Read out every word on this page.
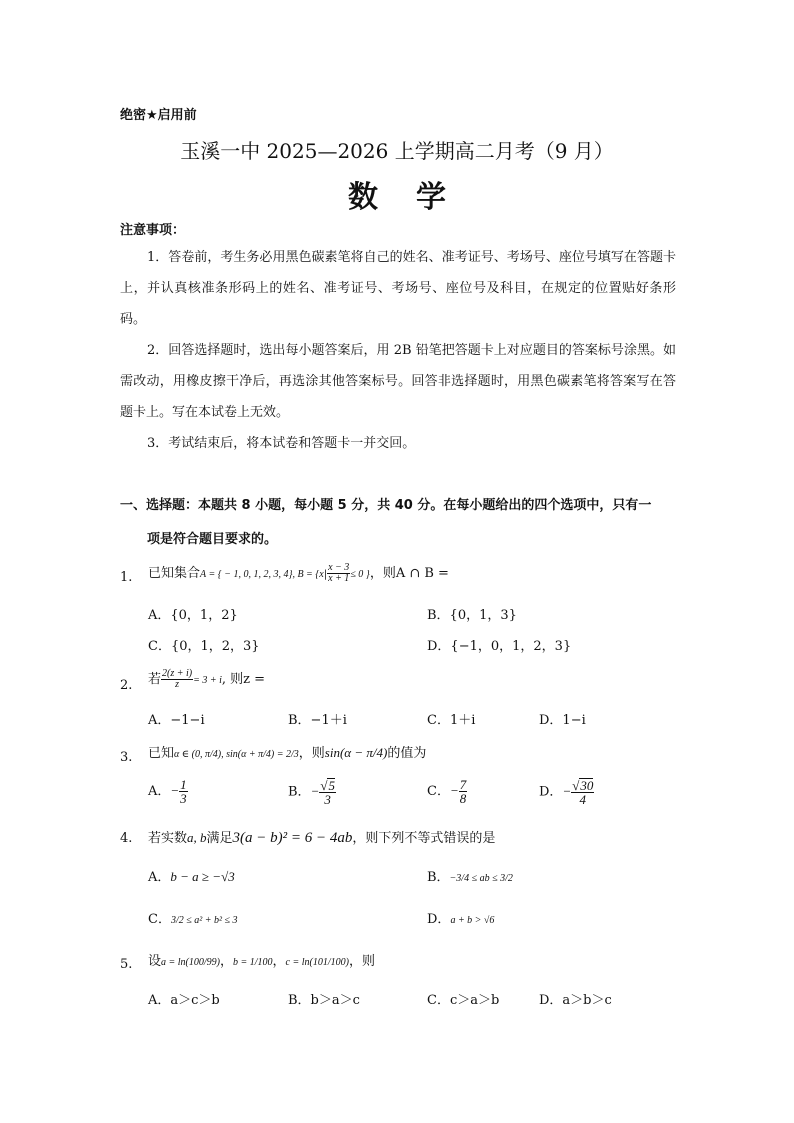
绝密★启用前
玉溪一中 2025—2026 上学期高二月考（9 月）
数学
注意事项：
1．答卷前，考生务必用黑色碳素笔将自己的姓名、准考证号、考场号、座位号填写在答题卡上，并认真核准条形码上的姓名、准考证号、考场号、座位号及科目，在规定的位置贴好条形码。
2．回答选择题时，选出每小题答案后，用 2B 铅笔把答题卡上对应题目的答案标号涂黑。如需改动，用橡皮擦干净后，再选涂其他答案标号。回答非选择题时，用黑色碳素笔将答案写在答题卡上。写在本试卷上无效。
3．考试结束后，将本试卷和答题卡一并交回。
一、选择题：本题共 8 小题，每小题 5 分，共 40 分。在每小题给出的四个选项中，只有一
项是符合题目要求的。
1. 已知集合A = { − 1, 0, 1, 2, 3, 4}, $B = \{x| \frac{x - 3}{x + 1} \le 0$ }，则A ∩ B =
A．{0，1，2}	B．{0，1，3}
C．{0，1，2，3}	D．{−1，0，1，2，3}
2. 若 $\frac{2(z + i)}{z} = 3 + i$, 则z =
A．−1−i	B．−1＋i	C．1＋i	D．1−i
3. 已知α ∈ (0, π/4), sin(α + π/4) = 2/3，则sin(α − π/4)的值为
A．− $\frac{1}{3}$	B．− $\frac{√5}{3}$	C．− $\frac{7}{8}$	D．− $\frac{√30}{4}$
4. 若实数a, b满足3(a − b)² = 6 − 4ab，则下列不等式错误的是
A．b − a ≥ −√3	B．−3/4 ≤ ab ≤ 3/2
C．3/2 ≤ a² + b² ≤ 3	D．a + b > √6
5. 设a = ln(100/99)，b = 1/100，c = ln(101/100)，则
A．a＞c＞b	B．b＞a＞c	C．c＞a＞b	D．a＞b＞c
